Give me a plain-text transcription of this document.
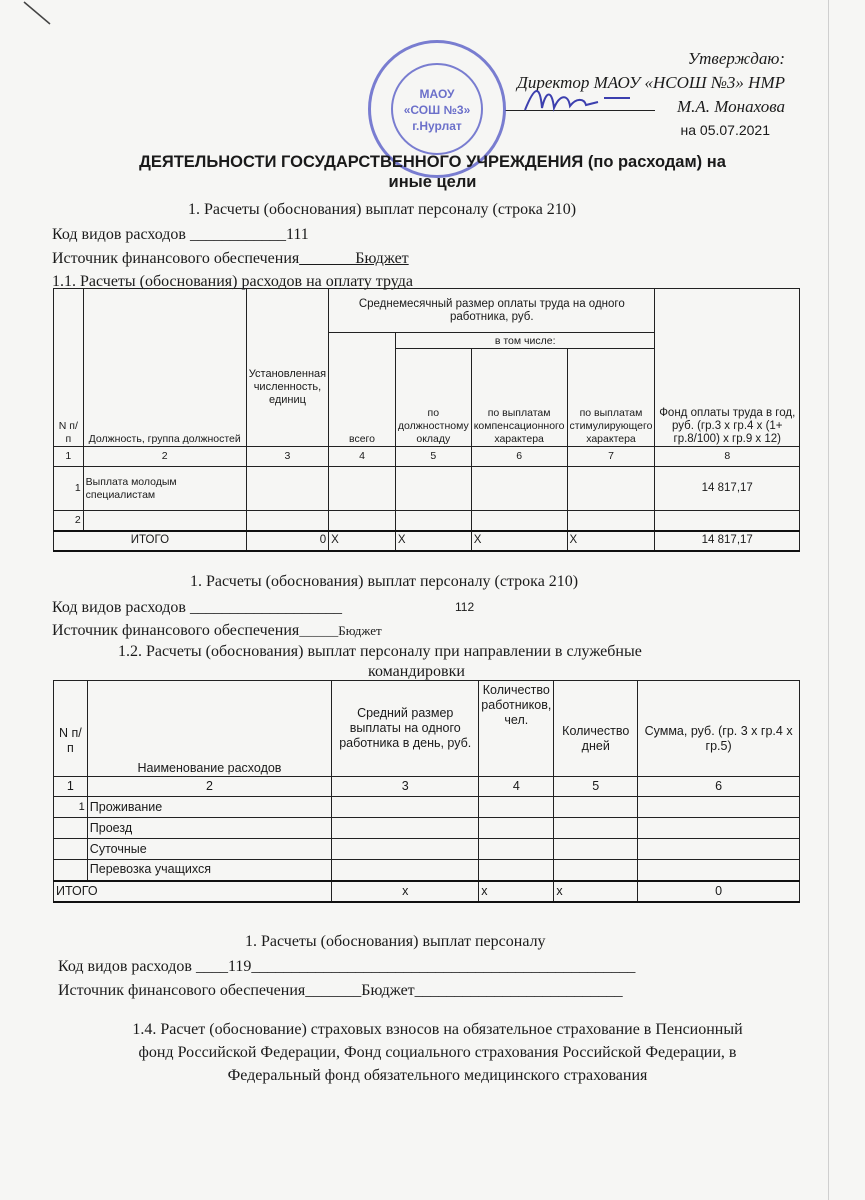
Утверждаю:
Директор МАОУ «НСОШ №3» НМР
М.А. Монахова
на 05.07.2021
МАОУ
«СОШ №3»
г.Нурлат
ДЕЯТЕЛЬНОСТИ ГОСУДАРСТВЕННОГО УЧРЕЖДЕНИЯ (по расходам) на
иные цели
1. Расчеты (обоснования) выплат персоналу (строка 210)
Код видов расходов ____________111
Источник финансового обеспечения_______Бюджет
1.1. Расчеты (обоснования) расходов на оплату труда
N п/п	Должность, группа должностей	Установленная численность, единиц	Среднемесячный размер оплаты труда на одного работника, руб.				Фонд оплаты труда в год, руб. (гр.3 x гр.4 x (1+ гр.8/100) x гр.9 x 12)
			всего	в том числе:			
				по должностному окладу	по выплатам компенсационного характера	по выплатам стимулирующего характера	
1	2	3	4	5	6	7	8
1	Выплата молодым специалистам						14 817,17
2							
ИТОГО		0	X	X	X	X	14 817,17
1. Расчеты (обоснования) выплат персоналу (строка 210)
Код видов расходов ___________________	112
Источник финансового обеспечения______Бюджет
1.2. Расчеты (обоснования) выплат персоналу при направлении в служебные
командировки
N п/п	Наименование расходов	Средний размер выплаты на одного работника в день, руб.	Количество работников, чел.	Количество дней	Сумма, руб. (гр. 3 x гр.4 x гр.5)
1	2	3	4	5	6
1	Проживание				
	Проезд				
	Суточные				
	Перевозка учащихся				
ИТОГО		х	х	х	0
1. Расчеты (обоснования) выплат персоналу
Код видов расходов ____119________________________________________________
Источник финансового обеспечения_______Бюджет__________________________
1.4. Расчет (обоснование) страховых взносов на обязательное страхование в Пенсионный
фонд Российской Федерации, Фонд социального страхования Российской Федерации, в
Федеральный фонд обязательного медицинского страхования
